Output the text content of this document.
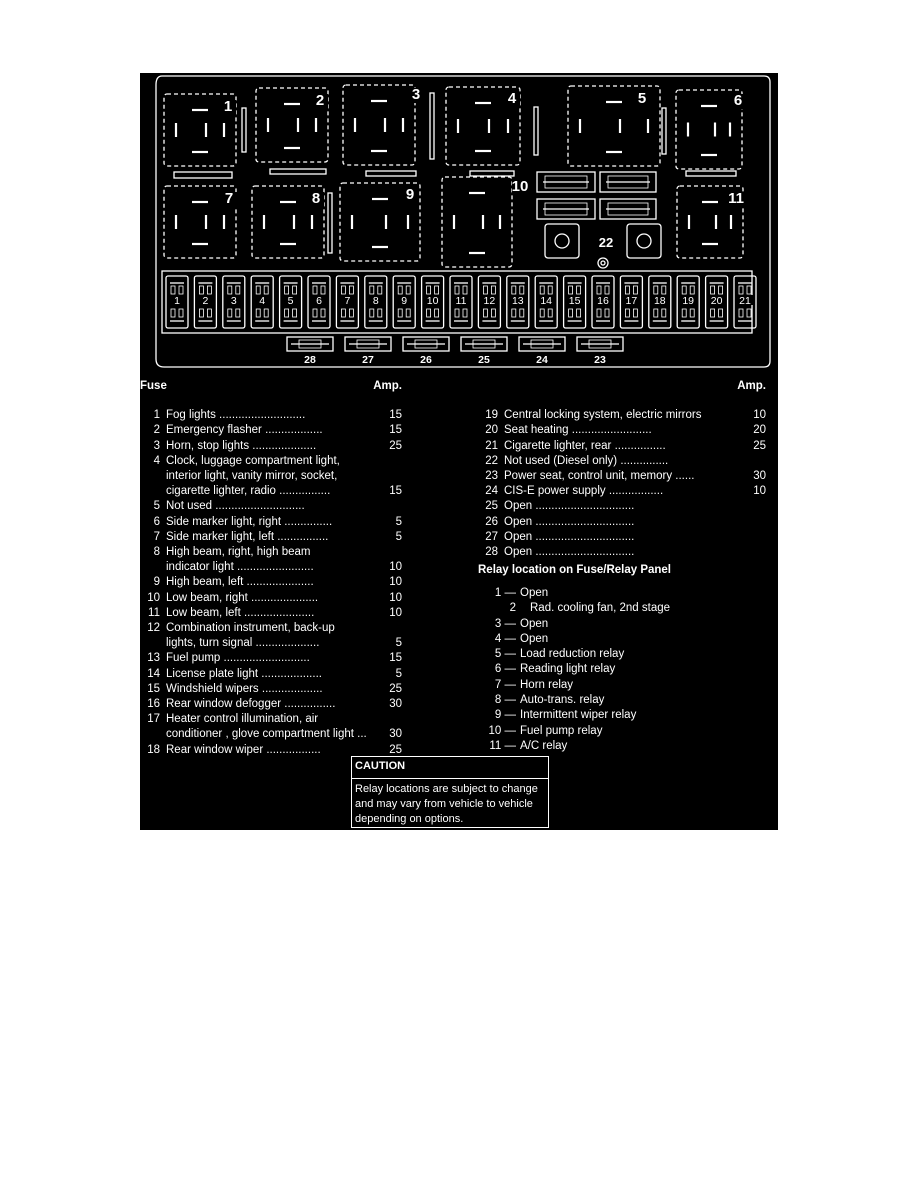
1	2	3	4	5	6
7	8	9	10
11
22
1 2 3 4 5 6 7 8 9 10 11 12 13 14 15 16 17 18 19 20 21
28	27	26	25	24	23
Fuse	Amp.
1 Fog lights ...........................	15
2 Emergency flasher ..................	15
3 Horn, stop lights ....................	25
4 Clock, luggage compartment light,
interior light, vanity mirror, socket,
cigarette lighter, radio ................	15
5 Not used ............................
6 Side marker light, right ...............	5
7 Side marker light, left ................	5
8 High beam, right, high beam
indicator light ........................	10
9 High beam, left .....................	10
10 Low beam, right .....................	10
11 Low beam, left ......................	10
12 Combination instrument, back-up
lights, turn signal ....................	5
13 Fuel pump ...........................	15
14 License plate light ...................	5
15 Windshield wipers ...................	25
16 Rear window defogger ................	30
17 Heater control illumination, air
conditioner , glove compartment light ...	30
18 Rear window wiper .................	25
Amp.
19 Central locking system, electric mirrors	10
20 Seat heating .........................	20
21 Cigarette lighter, rear ................	25
22 Not used (Diesel only) ...............
23 Power seat, control unit, memory ......	30
24 CIS-E power supply .................	10
25 Open ...............................
26 Open ...............................
27 Open ...............................
28 Open ...............................
Relay location on Fuse/Relay Panel
1 — Open
2	Rad. cooling fan, 2nd stage
3 — Open
4 — Open
5 — Load reduction relay
6 — Reading light relay
7 — Horn relay
8 — Auto-trans. relay
9 — Intermittent wiper relay
10 — Fuel pump relay
11 — A/C relay
CAUTION
Relay locations are subject to change
and may vary from vehicle to vehicle
depending on options.
